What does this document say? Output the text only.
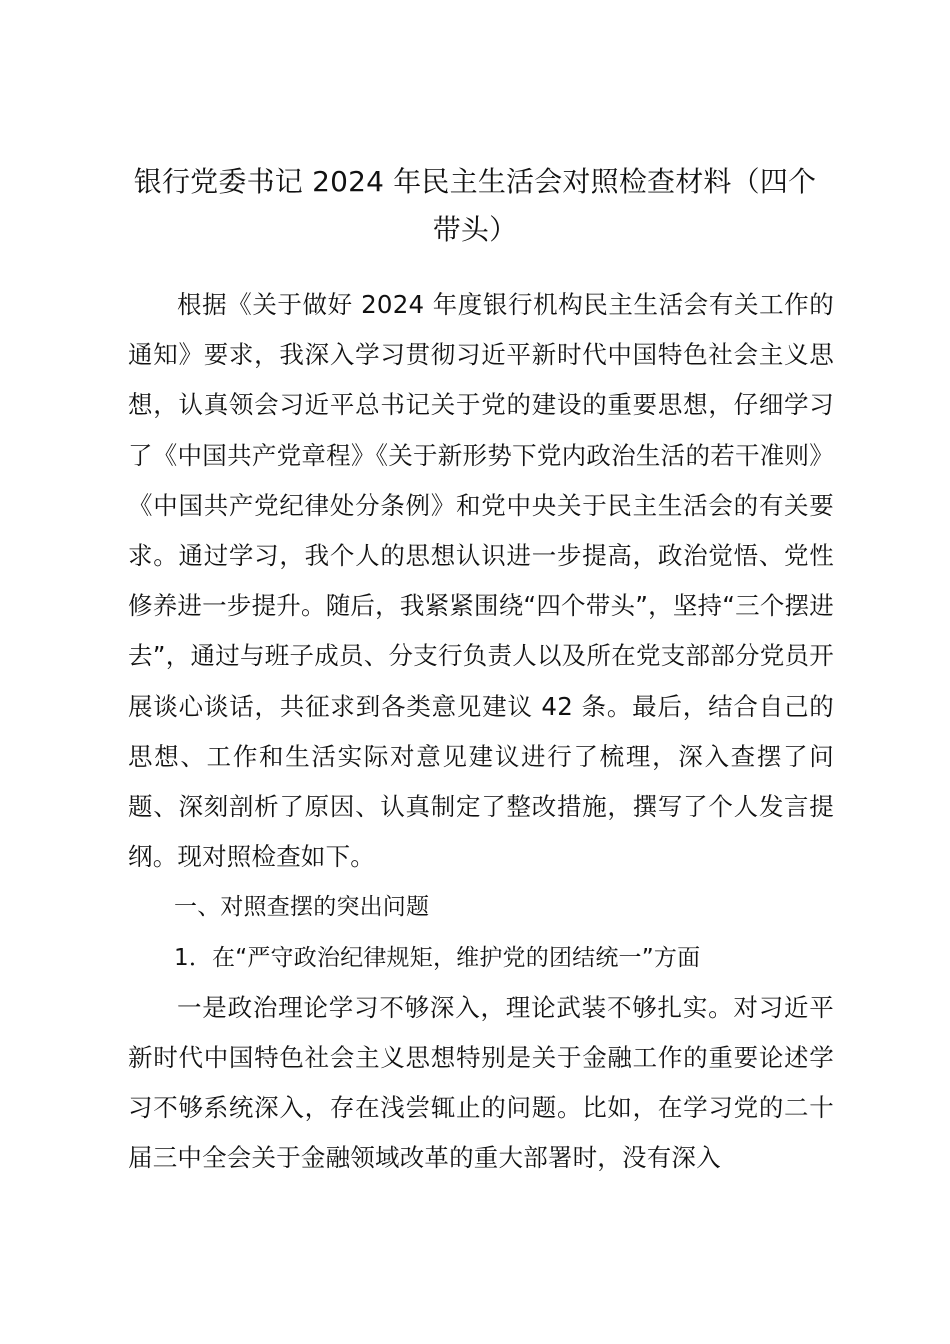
银行党委书记 2024 年民主生活会对照检查材料（四个带头）

根据《关于做好 2024 年度银行机构民主生活会有关工作的通知》要求，我深入学习贯彻习近平新时代中国特色社会主义思想，认真领会习近平总书记关于党的建设的重要思想，仔细学习了《中国共产党章程》《关于新形势下党内政治生活的若干准则》《中国共产党纪律处分条例》和党中央关于民主生活会的有关要求。通过学习，我个人的思想认识进一步提高，政治觉悟、党性修养进一步提升。随后，我紧紧围绕“四个带头”，坚持“三个摆进去”，通过与班子成员、分支行负责人以及所在党支部部分党员开展谈心谈话，共征求到各类意见建议 42 条。最后，结合自己的思想、工作和生活实际对意见建议进行了梳理，深入查摆了问题、深刻剖析了原因、认真制定了整改措施，撰写了个人发言提纲。现对照检查如下。

一、对照查摆的突出问题

1．在“严守政治纪律规矩，维护党的团结统一”方面

一是政治理论学习不够深入，理论武装不够扎实。对习近平新时代中国特色社会主义思想特别是关于金融工作的重要论述学习不够系统深入，存在浅尝辄止的问题。比如，在学习党的二十届三中全会关于金融领域改革的重大部署时，没有深入
